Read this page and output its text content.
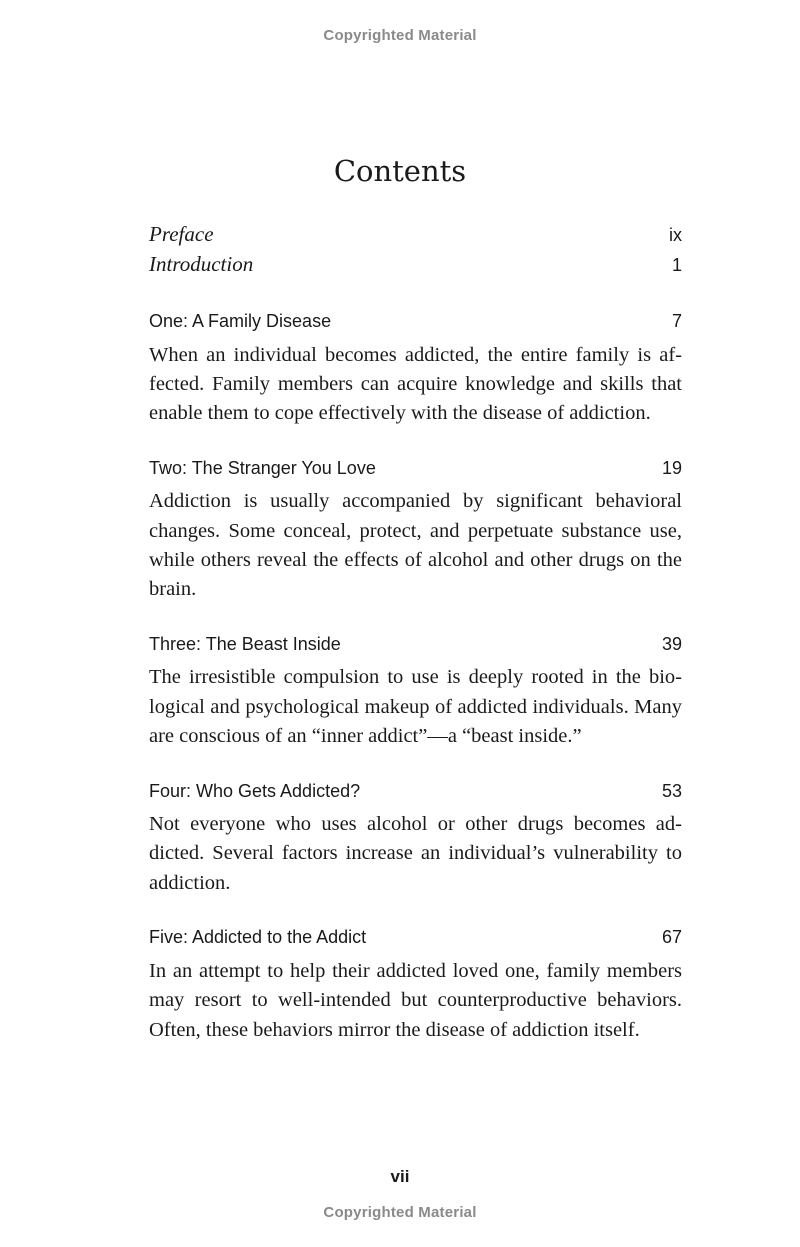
Copyrighted Material
Contents
Preface	ix
Introduction	1
One: A Family Disease	7

When an individual becomes addicted, the entire family is affected. Family members can acquire knowledge and skills that enable them to cope effectively with the disease of addiction.

Two: The Stranger You Love	19

Addiction is usually accompanied by significant behavioral changes. Some conceal, protect, and perpetuate substance use, while others reveal the effects of alcohol and other drugs on the brain.

Three: The Beast Inside	39

The irresistible compulsion to use is deeply rooted in the biological and psychological makeup of addicted individuals. Many are conscious of an “inner addict”—a “beast inside.”

Four: Who Gets Addicted?	53

Not everyone who uses alcohol or other drugs becomes addicted. Several factors increase an individual’s vulnerability to addiction.

Five: Addicted to the Addict	67

In an attempt to help their addicted loved one, family members may resort to well-intended but counterproductive behaviors. Often, these behaviors mirror the disease of addiction itself.

vii
Copyrighted Material
